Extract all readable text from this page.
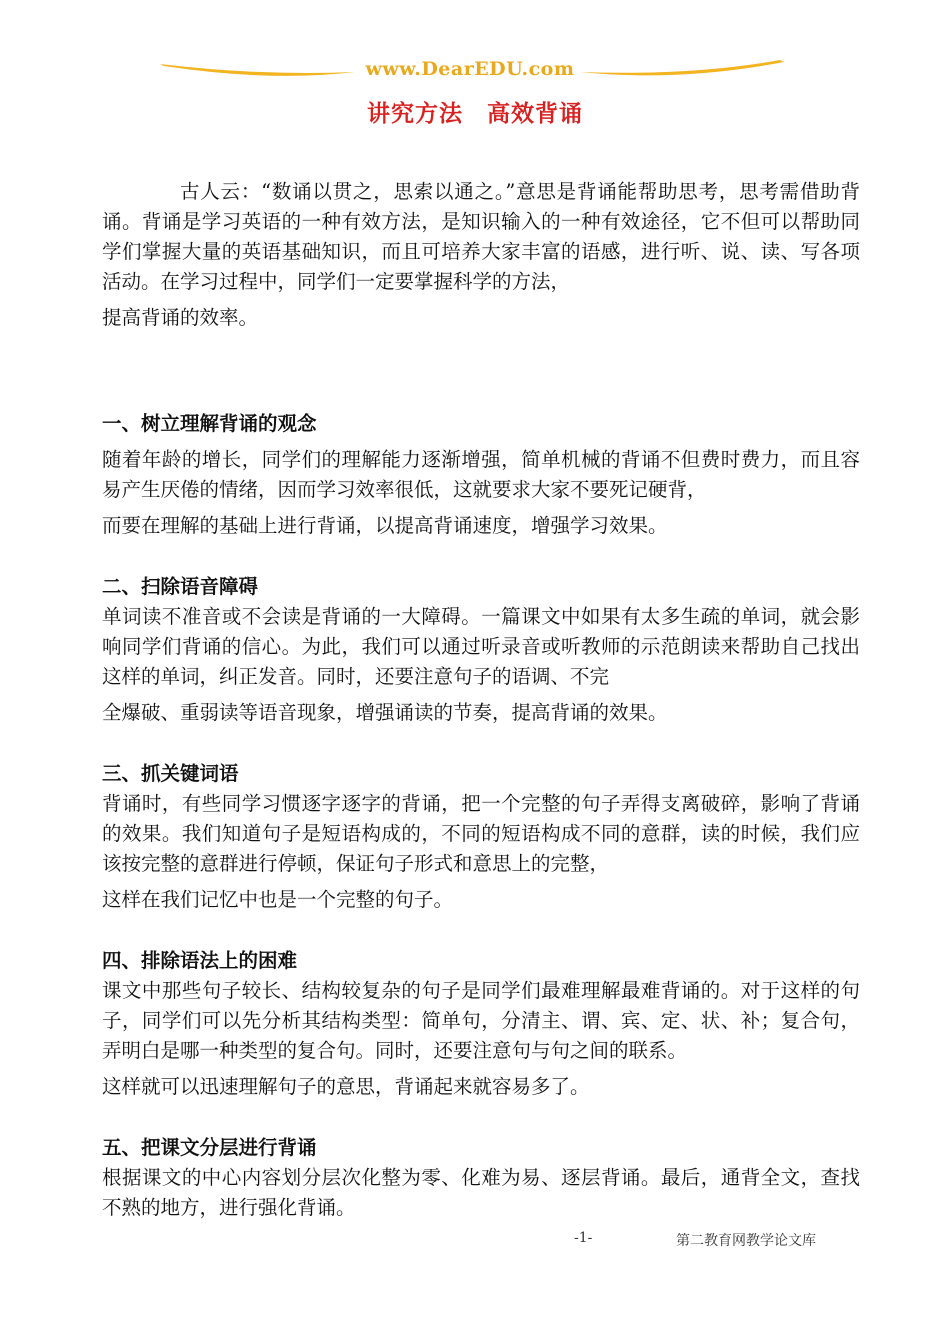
www.DearEDU.com
讲究方法　高效背诵

古人云：“数诵以贯之，思索以通之。”意思是背诵能帮助思考，思考需借助背诵。背诵是学习英语的一种有效方法，是知识输入的一种有效途径，它不但可以帮助同学们掌握大量的英语基础知识，而且可培养大家丰富的语感，进行听、说、读、写各项活动。在学习过程中，同学们一定要掌握科学的方法，

提高背诵的效率。

一、树立理解背诵的观念

随着年龄的增长，同学们的理解能力逐渐增强，简单机械的背诵不但费时费力，而且容易产生厌倦的情绪，因而学习效率很低，这就要求大家不要死记硬背，

而要在理解的基础上进行背诵，以提高背诵速度，增强学习效果。

二、扫除语音障碍

单词读不准音或不会读是背诵的一大障碍。一篇课文中如果有太多生疏的单词，就会影响同学们背诵的信心。为此，我们可以通过听录音或听教师的示范朗读来帮助自己找出这样的单词，纠正发音。同时，还要注意句子的语调、不完

全爆破、重弱读等语音现象，增强诵读的节奏，提高背诵的效果。

三、抓关键词语

背诵时，有些同学习惯逐字逐字的背诵，把一个完整的句子弄得支离破碎，影响了背诵的效果。我们知道句子是短语构成的，不同的短语构成不同的意群，读的时候，我们应该按完整的意群进行停顿，保证句子形式和意思上的完整，

这样在我们记忆中也是一个完整的句子。

四、排除语法上的困难

课文中那些句子较长、结构较复杂的句子是同学们最难理解最难背诵的。对于这样的句子，同学们可以先分析其结构类型：简单句，分清主、谓、宾、定、状、补；复合句，弄明白是哪一种类型的复合句。同时，还要注意句与句之间的联系。

这样就可以迅速理解句子的意思，背诵起来就容易多了。

五、把课文分层进行背诵

根据课文的中心内容划分层次化整为零、化难为易、逐层背诵。最后，通背全文，查找不熟的地方，进行强化背诵。

-1-	第二教育网教学论文库
